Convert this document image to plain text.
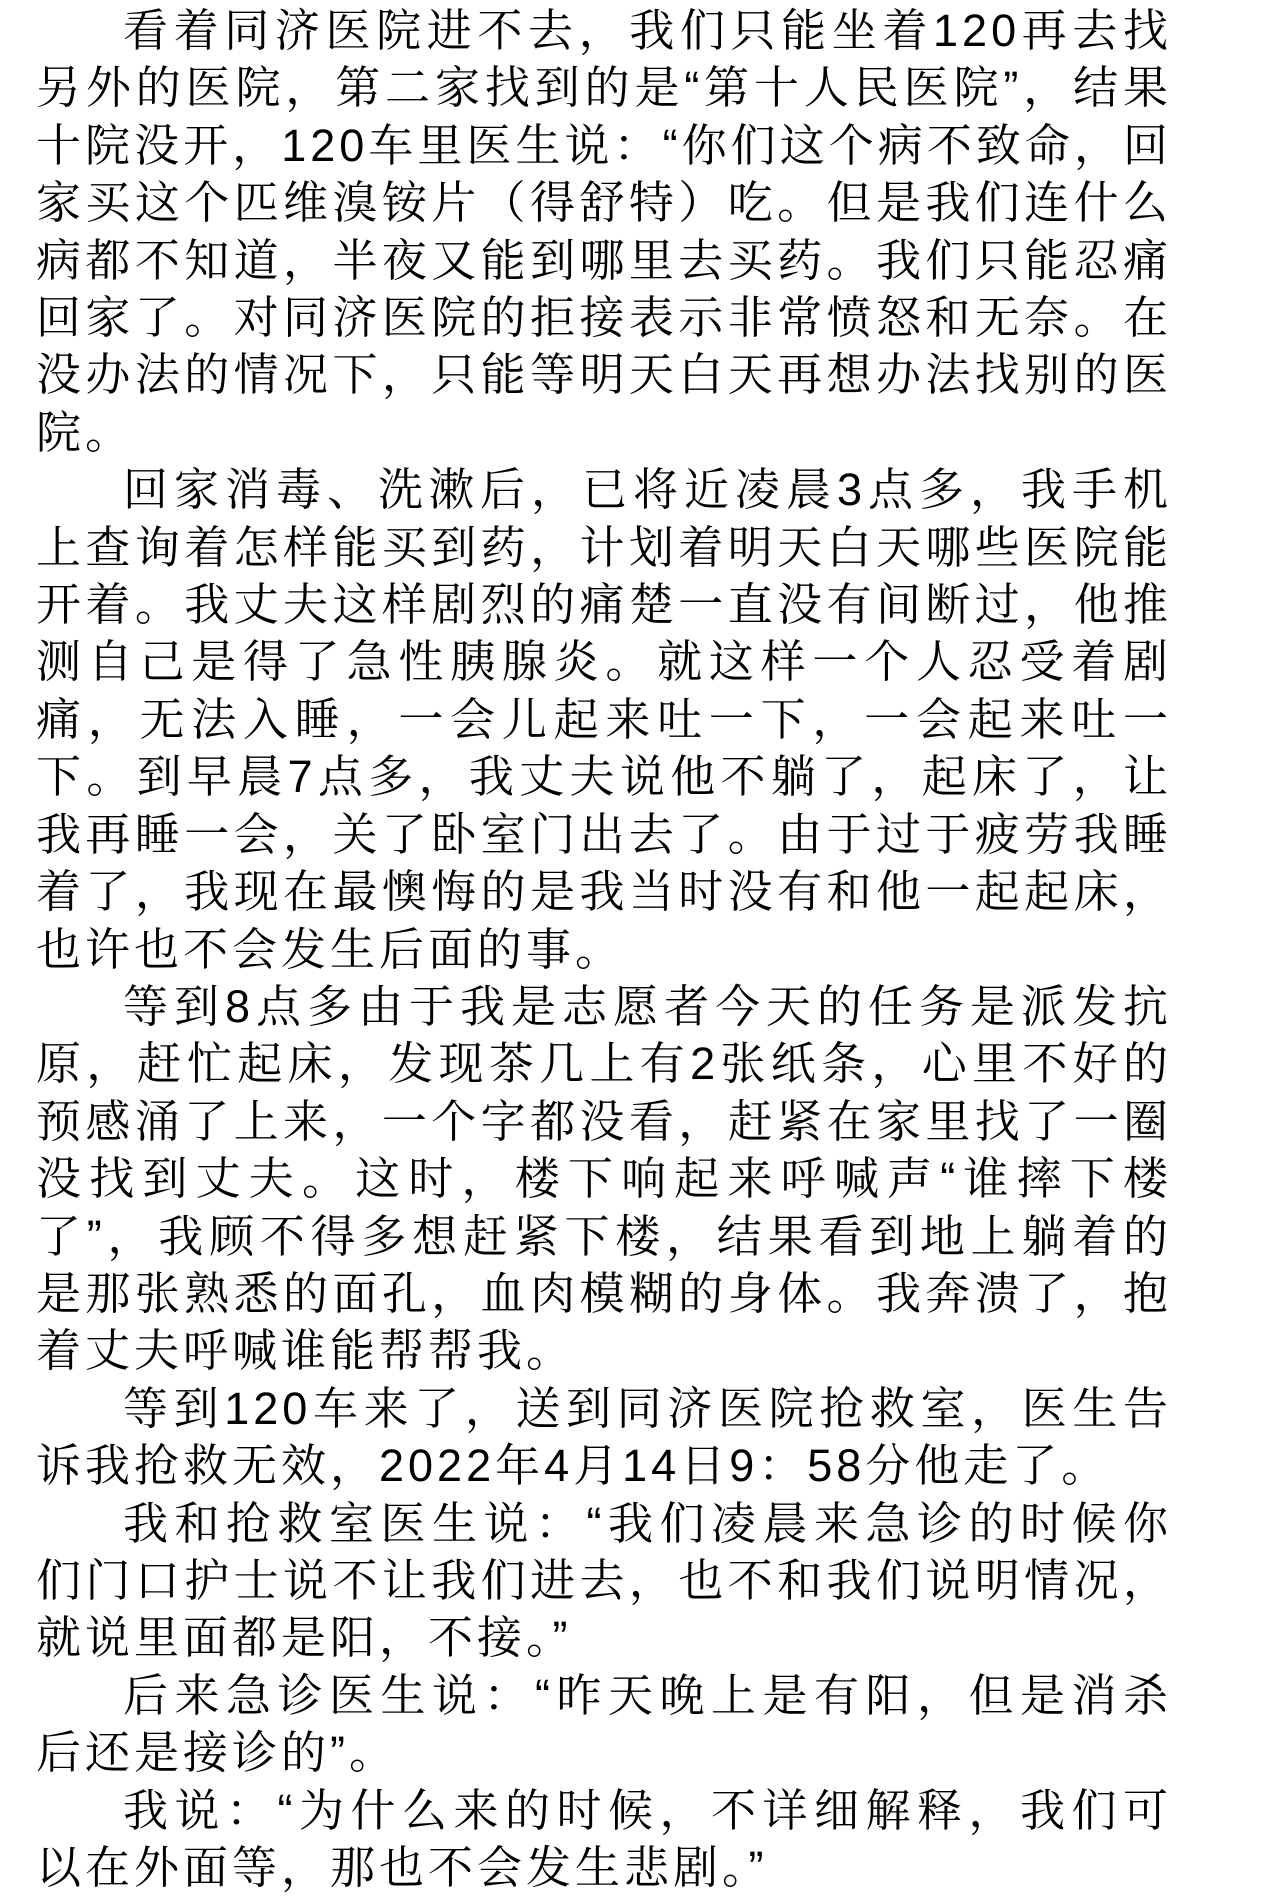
看着同济医院进不去，我们只能坐着120再去找
另外的医院，第二家找到的是“第十人民医院”，结果
十院没开，120车里医生说：“你们这个病不致命，回
家买这个匹维溴铵片（得舒特）吃。但是我们连什么
病都不知道，半夜又能到哪里去买药。我们只能忍痛
回家了。对同济医院的拒接表示非常愤怒和无奈。在
没办法的情况下，只能等明天白天再想办法找别的医
院。
回家消毒、洗漱后，已将近凌晨3点多，我手机
上查询着怎样能买到药，计划着明天白天哪些医院能
开着。我丈夫这样剧烈的痛楚一直没有间断过，他推
测自己是得了急性胰腺炎。就这样一个人忍受着剧
痛，无法入睡，一会儿起来吐一下，一会起来吐一
下。到早晨7点多，我丈夫说他不躺了，起床了，让
我再睡一会，关了卧室门出去了。由于过于疲劳我睡
着了，我现在最懊悔的是我当时没有和他一起起床，
也许也不会发生后面的事。
等到8点多由于我是志愿者今天的任务是派发抗
原，赶忙起床，发现茶几上有2张纸条，心里不好的
预感涌了上来，一个字都没看，赶紧在家里找了一圈
没找到丈夫。这时，楼下响起来呼喊声“谁摔下楼
了”，我顾不得多想赶紧下楼，结果看到地上躺着的
是那张熟悉的面孔，血肉模糊的身体。我奔溃了，抱
着丈夫呼喊谁能帮帮我。
等到120车来了，送到同济医院抢救室，医生告
诉我抢救无效，2022年4月14日9：58分他走了。
我和抢救室医生说：“我们凌晨来急诊的时候你
们门口护士说不让我们进去，也不和我们说明情况，
就说里面都是阳，不接。”
后来急诊医生说：“昨天晚上是有阳，但是消杀
后还是接诊的”。
我说：“为什么来的时候，不详细解释，我们可
以在外面等，那也不会发生悲剧。”
